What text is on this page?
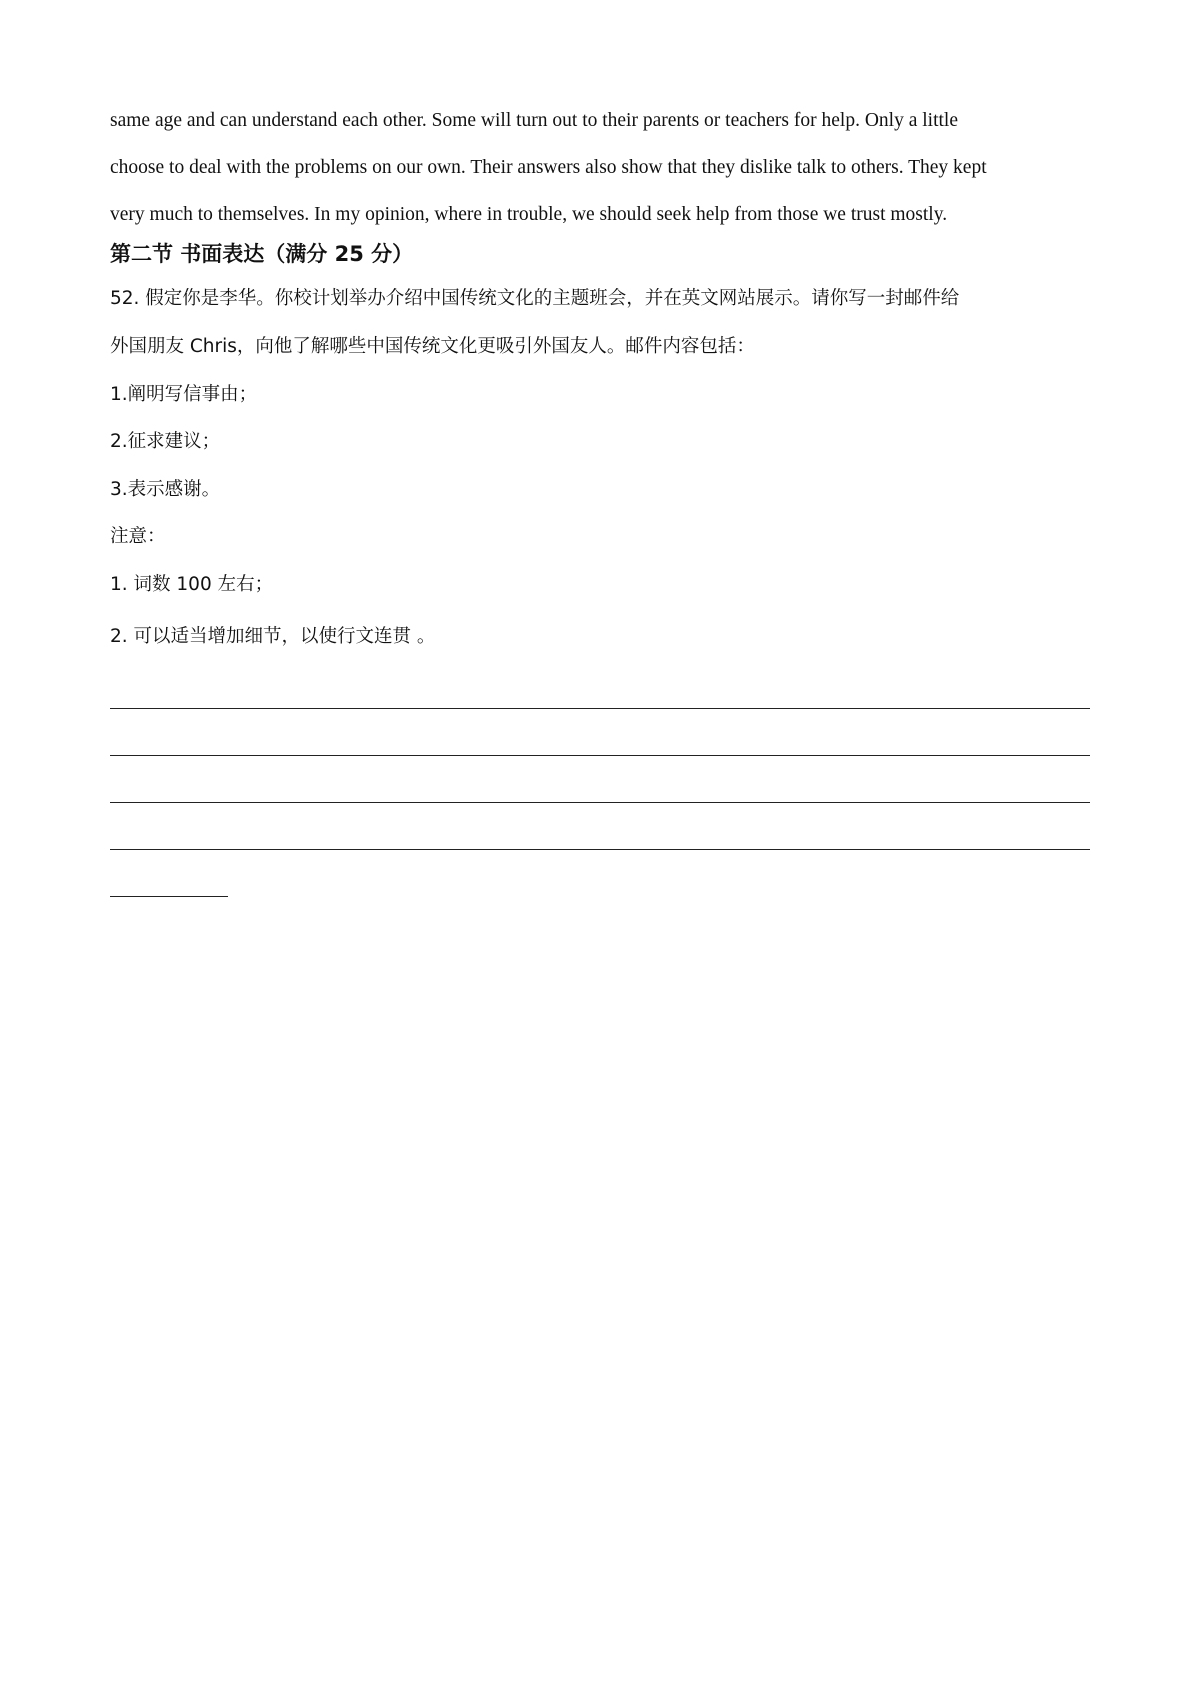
same age and can understand each other. Some will turn out to their parents or teachers for help. Only a little
choose to deal with the problems on our own. Their answers also show that they dislike talk to others. They kept
very much to themselves. In my opinion, where in trouble, we should seek help from those we trust mostly.
第二节 书面表达（满分 25 分）
52. 假定你是李华。你校计划举办介绍中国传统文化的主题班会，并在英文网站展示。请你写一封邮件给
外国朋友 Chris，向他了解哪些中国传统文化更吸引外国友人。邮件内容包括：
1.阐明写信事由；
2.征求建议；
3.表示感谢。
注意：
1. 词数 100 左右；
2. 可以适当增加细节，以使行文连贯 。
